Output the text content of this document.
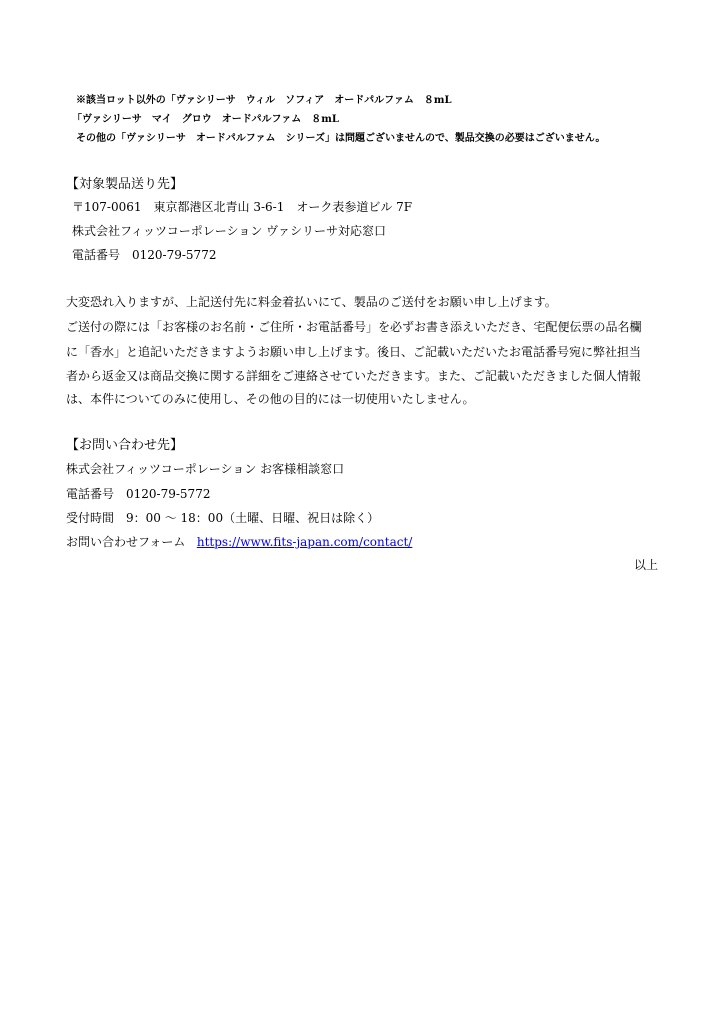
※該当ロット以外の「ヴァシリーサ　ウィル　ソフィア　オードパルファム　８mL
「ヴァシリーサ　マイ　グロウ　オードパルファム　８mL
その他の「ヴァシリーサ　オードパルファム　シリーズ」は問題ございませんので、製品交換の必要はございません。
【対象製品送り先】
〒107-0061　東京都港区北青山 3-6-1　オーク表参道ビル 7F
株式会社フィッツコーポレーション ヴァシリーサ対応窓口
電話番号　0120-79-5772
大変恐れ入りますが、上記送付先に料金着払いにて、製品のご送付をお願い申し上げます。
ご送付の際には「お客様のお名前・ご住所・お電話番号」を必ずお書き添えいただき、宅配便伝票の品名欄
に「香水」と追記いただきますようお願い申し上げます。後日、ご記載いただいたお電話番号宛に弊社担当
者から返金又は商品交換に関する詳細をご連絡させていただきます。また、ご記載いただきました個人情報
は、本件についてのみに使用し、その他の目的には一切使用いたしません。
【お問い合わせ先】
株式会社フィッツコーポレーション お客様相談窓口
電話番号　0120-79-5772
受付時間　9：00 ～ 18：00（土曜、日曜、祝日は除く）
お問い合わせフォーム https://www.fits-japan.com/contact/
以上
